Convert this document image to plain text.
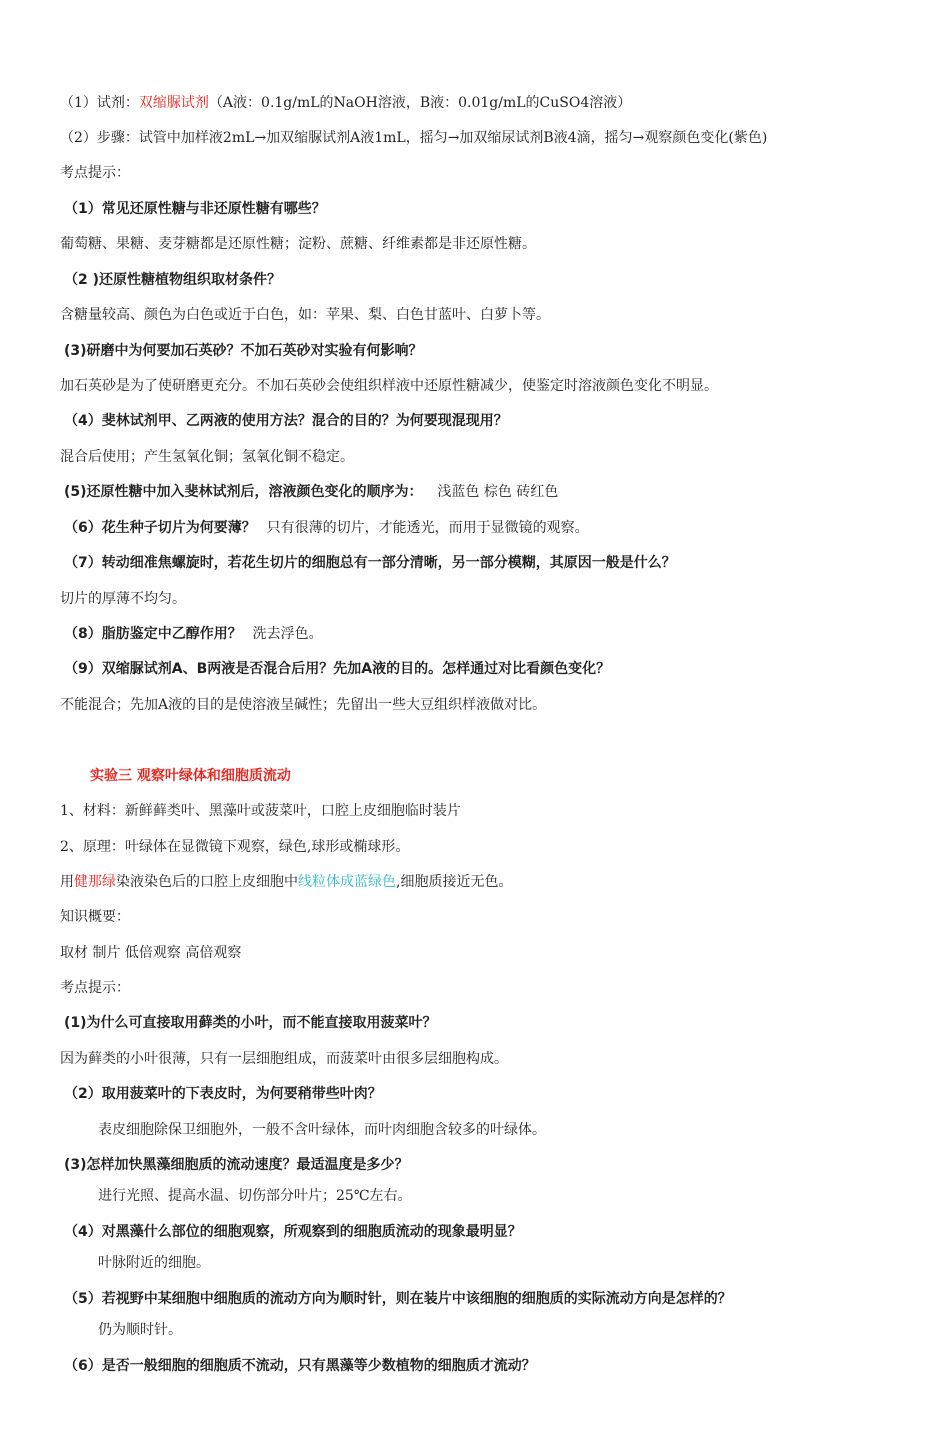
（1）试剂：双缩脲试剂（A液：0.1g/mL的NaOH溶液，B液：0.01g/mL的CuSO4溶液）
（2）步骤：试管中加样液2mL→加双缩脲试剂A液1mL，摇匀→加双缩尿试剂B液4滴，摇匀→观察颜色变化(紫色)
考点提示：
（1）常见还原性糖与非还原性糖有哪些？
葡萄糖、果糖、麦芽糖都是还原性糖；淀粉、蔗糖、纤维素都是非还原性糖。
（2 )还原性糖植物组织取材条件？
含糖量较高、颜色为白色或近于白色，如：苹果、梨、白色甘蓝叶、白萝卜等。
(3)研磨中为何要加石英砂？不加石英砂对实验有何影响？
加石英砂是为了使研磨更充分。不加石英砂会使组织样液中还原性糖减少，使鉴定时溶液颜色变化不明显。
（4）斐林试剂甲、乙两液的使用方法？混合的目的？为何要现混现用？
混合后使用；产生氢氧化铜；氢氧化铜不稳定。
(5)还原性糖中加入斐林试剂后，溶液颜色变化的顺序为： 浅蓝色 棕色 砖红色
（6）花生种子切片为何要薄？ 只有很薄的切片，才能透光，而用于显微镜的观察。
（7）转动细准焦螺旋时，若花生切片的细胞总有一部分清晰，另一部分模糊，其原因一般是什么？
切片的厚薄不均匀。
（8）脂肪鉴定中乙醇作用？ 洗去浮色。
（9）双缩脲试剂A、B两液是否混合后用？先加A液的目的。怎样通过对比看颜色变化？
不能混合；先加A液的目的是使溶液呈碱性；先留出一些大豆组织样液做对比。
实验三 观察叶绿体和细胞质流动
1、材料：新鲜藓类叶、黑藻叶或菠菜叶，口腔上皮细胞临时装片
2、原理：叶绿体在显微镜下观察，绿色,球形或椭球形。
用健那绿染液染色后的口腔上皮细胞中线粒体成蓝绿色,细胞质接近无色。
知识概要：
取材 制片 低倍观察 高倍观察
考点提示：
(1)为什么可直接取用藓类的小叶，而不能直接取用菠菜叶？
因为藓类的小叶很薄，只有一层细胞组成，而菠菜叶由很多层细胞构成。
（2）取用菠菜叶的下表皮时，为何要稍带些叶肉？
表皮细胞除保卫细胞外，一般不含叶绿体，而叶肉细胞含较多的叶绿体。
(3)怎样加快黑藻细胞质的流动速度？最适温度是多少？
进行光照、提高水温、切伤部分叶片；25℃左右。
（4）对黑藻什么部位的细胞观察，所观察到的细胞质流动的现象最明显？
叶脉附近的细胞。
（5）若视野中某细胞中细胞质的流动方向为顺时针，则在装片中该细胞的细胞质的实际流动方向是怎样的？
仍为顺时针。
（6）是否一般细胞的细胞质不流动，只有黑藻等少数植物的细胞质才流动？
